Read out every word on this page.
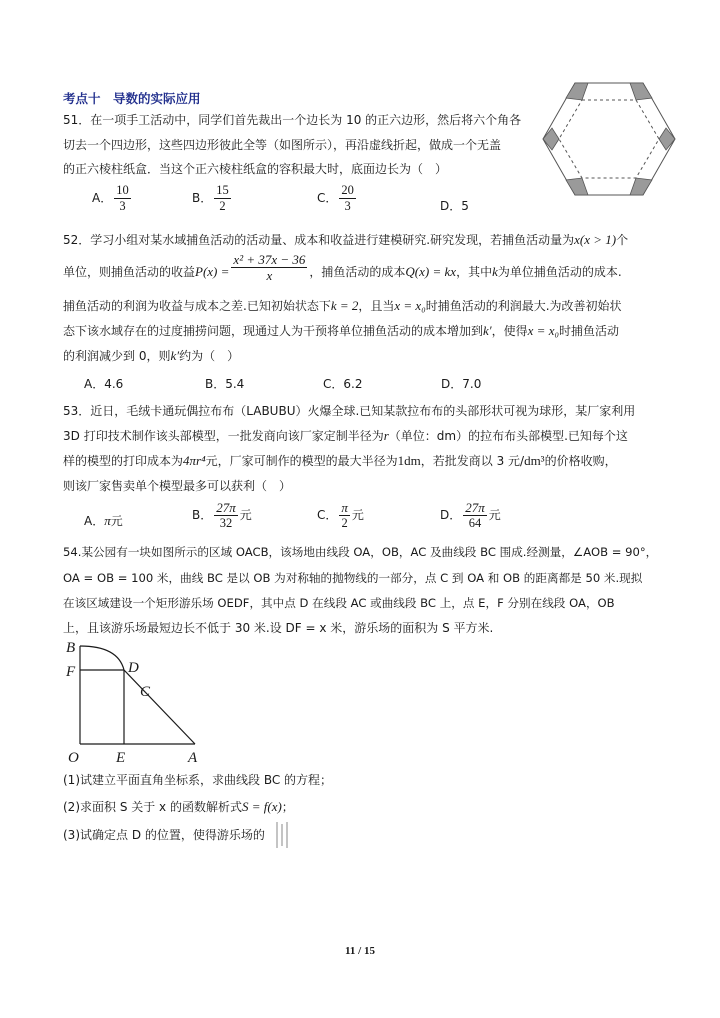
考点十　导数的实际应用
51．在一项手工活动中，同学们首先裁出一个边长为 10 的正六边形，然后将六个角各
切去一个四边形，这些四边形彼此全等（如图所示），再沿虚线折起，做成一个无盖
的正六棱柱纸盒．当这个正六棱柱纸盒的容积最大时，底面边长为（　）
A． $\frac{10}{3}$	B． $\frac{15}{2}$	C． $\frac{20}{3}$	D．5
52．学习小组对某水域捕鱼活动的活动量、成本和收益进行建模研究.研究发现，若捕鱼活动量为x(x > 1)个
单位，则捕鱼活动的收益$P(x) = \frac{\text{x² + 37x − 36}}{x}$ ，捕鱼活动的成本Q(x) = kx，其中k为单位捕鱼活动的成本.
捕鱼活动的利润为收益与成本之差.已知初始状态下k = 2，且当x = x₀时捕鱼活动的利润最大.为改善初始状
态下该水域存在的过度捕捞问题，现通过人为干预将单位捕鱼活动的成本增加到k′，使得x = x₀时捕鱼活动
的利润减少到 0，则k′约为（　）
A．4.6	B．5.4	C．6.2	D．7.0
53．近日，毛绒卡通玩偶拉布布（LABUBU）火爆全球.已知某款拉布布的头部形状可视为球形，某厂家利用
3D 打印技术制作该头部模型，一批发商向该厂家定制半径为r（单位：dm）的拉布布头部模型.已知每个这
样的模型的打印成本为4πr⁴元，厂家可制作的模型的最大半径为1dm，若批发商以 3 元/dm³的价格收购，
则该厂家售卖单个模型最多可以获利（　）
A．π元	B． $\frac{27\pi}{32}$ 元	C． $\frac{\pi}{2}$ 元	D． $\frac{27\pi}{64}$ 元
54.某公园有一块如图所示的区域 OACB，该场地由线段 OA，OB，AC 及曲线段 BC 围成.经测量，∠AOB = 90°，
OA = OB = 100 米，曲线 BC 是以 OB 为对称轴的抛物线的一部分，点 C 到 OA 和 OB 的距离都是 50 米.现拟
在该区域建设一个矩形游乐场 OEDF，其中点 D 在线段 AC 或曲线段 BC 上，点 E，F 分别在线段 OA，OB
上，且该游乐场最短边长不低于 30 米.设 DF = x 米，游乐场的面积为 S 平方米.
B
F	D
C
O E	A
(1)试建立平面直角坐标系，求曲线段 BC 的方程；
(2)求面积 S 关于 x 的函数解析式S = f(x)；
(3)试确定点 D 的位置，使得游乐场的
11 / 15
